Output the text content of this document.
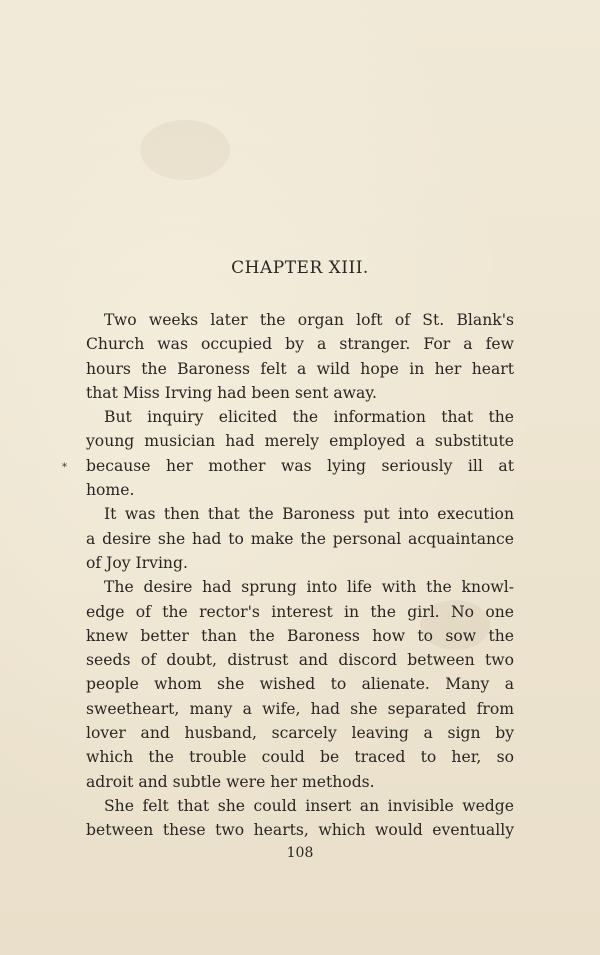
CHAPTER XIII.
Two weeks later the organ loft of St. Blank's
Church was occupied by a stranger. For a few
hours the Baroness felt a wild hope in her heart
that Miss Irving had been sent away.
But inquiry elicited the information that the
young musician had merely employed a substitute
because her mother was lying seriously ill at
home.
It was then that the Baroness put into execution
a desire she had to make the personal acquaintance
of Joy Irving.
The desire had sprung into life with the knowl-
edge of the rector's interest in the girl. No one
knew better than the Baroness how to sow the
seeds of doubt, distrust and discord between two
people whom she wished to alienate. Many a
sweetheart, many a wife, had she separated from
lover and husband, scarcely leaving a sign by
which the trouble could be traced to her, so
adroit and subtle were her methods.
She felt that she could insert an invisible wedge
between these two hearts, which would eventually
*
108
